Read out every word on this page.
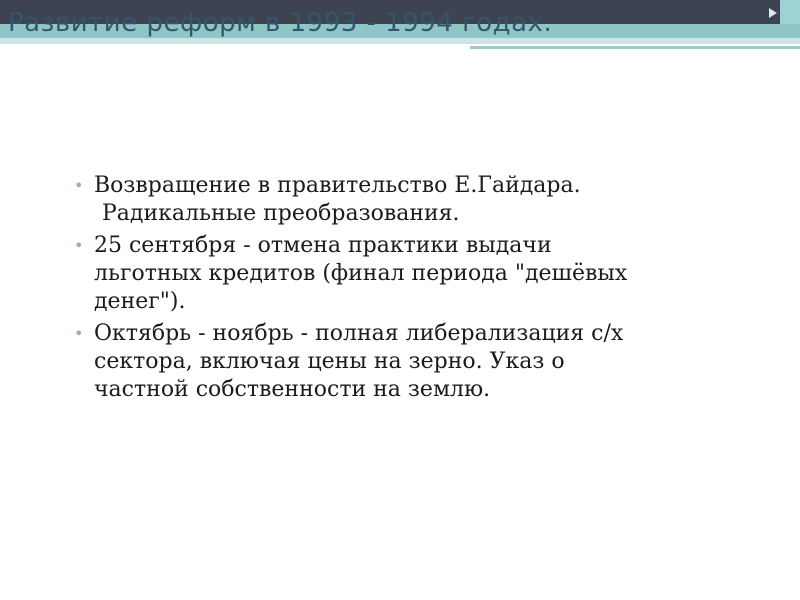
Развитие реформ в 1993 - 1994 годах.
• Возвращение в правительство Е.Гайдара.
Радикальные преобразования.
• 25 сентября - отмена практики выдачи
льготных кредитов (финал периода "дешёвых
денег").
• Октябрь - ноябрь - полная либерализация с/х
сектора, включая цены на зерно. Указ о
частной собственности на землю.
